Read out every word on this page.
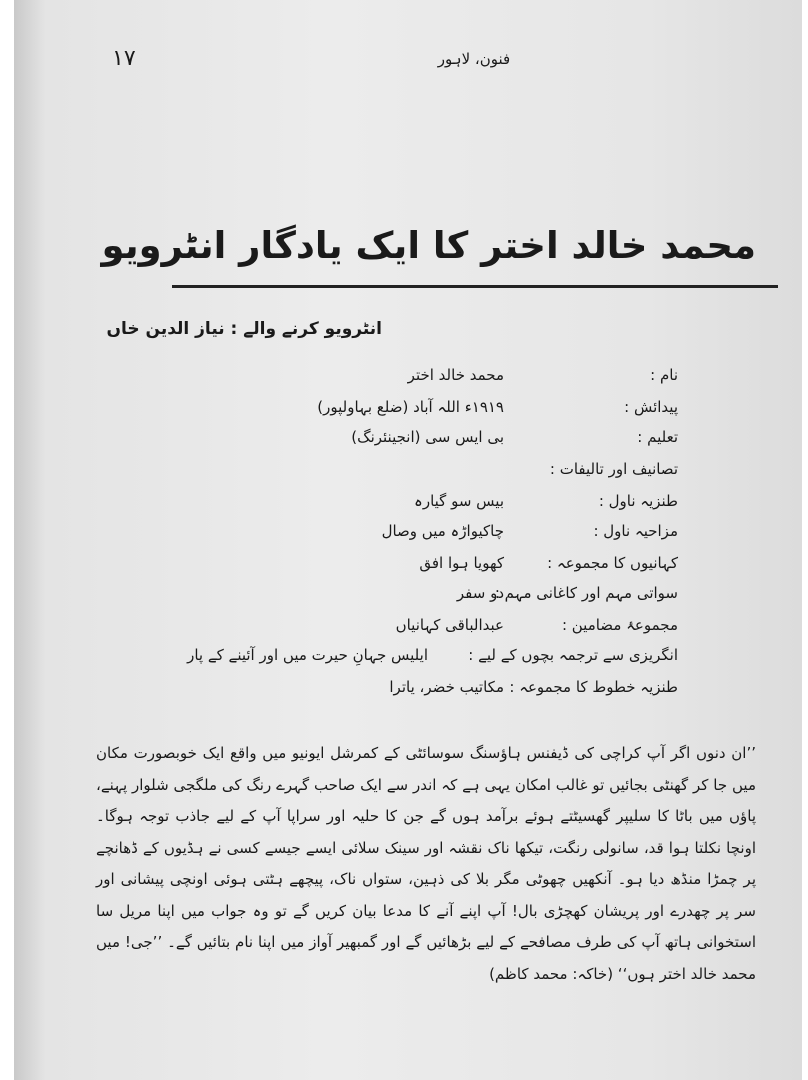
١٧	فنون، لاہور
محمد خالد اختر کا ایک یادگار انٹرویو
انٹرویو کرنے والے : نیاز الدین خاں
نام :
محمد خالد اختر
پیدائش :
۱۹۱۹ء اللہ آباد (ضلع بہاولپور)
تعلیم :
بی ایس سی (انجینئرنگ)
تصانیف اور تالیفات :
طنزیہ ناول :
بیس سو گیارہ
مزاحیہ ناول :
چاکیواڑہ میں وصال
کہانیوں کا مجموعہ :
کھویا ہوا افق
سواتی مہم اور کاغانی مہم :
دو سفر
مجموعۂ مضامین :
عبدالباقی کہانیاں
انگریزی سے ترجمہ بچوں کے لیے :
ایلیس جہانِ حیرت میں اور آئینے کے پار
طنزیہ خطوط کا مجموعہ :
مکاتیب خضر، یاترا
’’ان دنوں اگر آپ کراچی کی ڈیفنس ہاؤسنگ سوسائٹی کے کمرشل ایونیو میں واقع ایک خوبصورت مکان میں جا کر گھنٹی بجائیں تو غالب امکان یہی ہے کہ اندر سے ایک صاحب گہرے رنگ کی ملگجی شلوار پہنے، پاؤں میں باٹا کا سلیپر گھسیٹتے ہوئے برآمد ہوں گے جن کا حلیہ اور سراپا آپ کے لیے جاذب توجہ ہوگا۔ اونچا نکلتا ہوا قد، سانولی رنگت، تیکھا ناک نقشہ اور سینک سلائی ایسے جیسے کسی نے ہڈیوں کے ڈھانچے پر چمڑا منڈھ دیا ہو۔ آنکھیں چھوٹی مگر بلا کی ذہین، ستواں ناک، پیچھے ہٹتی ہوئی اونچی پیشانی اور سر پر چھدرے اور پریشان کھچڑی بال! آپ اپنے آنے کا مدعا بیان کریں گے تو وہ جواب میں اپنا مریل سا استخوانی ہاتھ آپ کی طرف مصافحے کے لیے بڑھائیں گے اور گمبھیر آواز میں اپنا نام بتائیں گے۔ ’’جی! میں محمد خالد اختر ہوں‘‘ (خاکہ: محمد کاظم)
